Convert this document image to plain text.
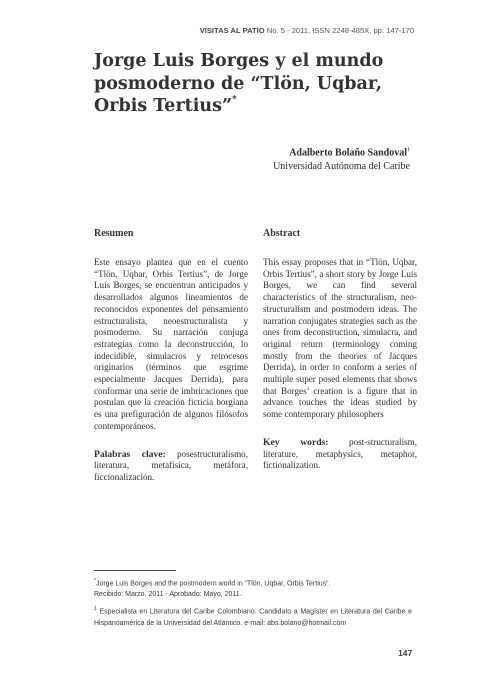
VISITAS AL PATIO No. 5 - 2011, ISSN 2248-485X, pp. 147-170
Jorge Luis Borges y el mundo posmoderno de “Tlön, Uqbar, Orbis Tertius”*
Adalberto Bolaño Sandoval$^1$
Universidad Autónoma del Caribe
Resumen

Este ensayo plantea que en el cuento “Tlön, Uqbar, Orbis Tertius”, de Jorge Luis Borges, se encuentran anticipados y desarrollados algunos lineamientos de reconocidos exponentes del pensamiento estructuralista, neoestructuralista y posmoderno. Su narración conjuga estrategias como la deconstrucción, lo indecidible, simulacros y retrocesos originarios (términos que esgrime especialmente Jacques Derrida), para conformar una serie de imbricaciones que postulan que la creación ficticia borgiana es una prefiguración de algunos filósofos contemporáneos.

Palabras clave: posestructuralismo, literatura, metafísica, metáfora, ficcionalización.

Abstract

This essay proposes that in “Tlön, Uqbar, Orbis Tertius”, a short story by Jorge Luis Borges, we can find several characteristics of the structuralism, neo-structuralism and postmodern ideas. The narration conjugates strategies such as the ones from deconstruction, simulacra, and original return (terminology coming mostly from the theories of Jacques Derrida), in order to conform a series of multiple super posed elements that shows that Borges’ creation is a figure that in advance touches the ideas studied by some contemporary philosophers

Key words: post-structuralism, literature, metaphysics, metaphor, fictionalization.

*Jorge Luis Borges and the postmodern world in “Tlön, Uqbar, Orbis Tertius”.

Recibido: Marzo, 2011 - Aprobado: Mayo, 2011.

$^1$ Especialista en Literatura del Caribe Colombiano. Candidato a Magíster en Literatura del Caribe e Hispanoamérica de la Universidad del Atlántico. e-mail: abs.bolano@hotmail.com

147
